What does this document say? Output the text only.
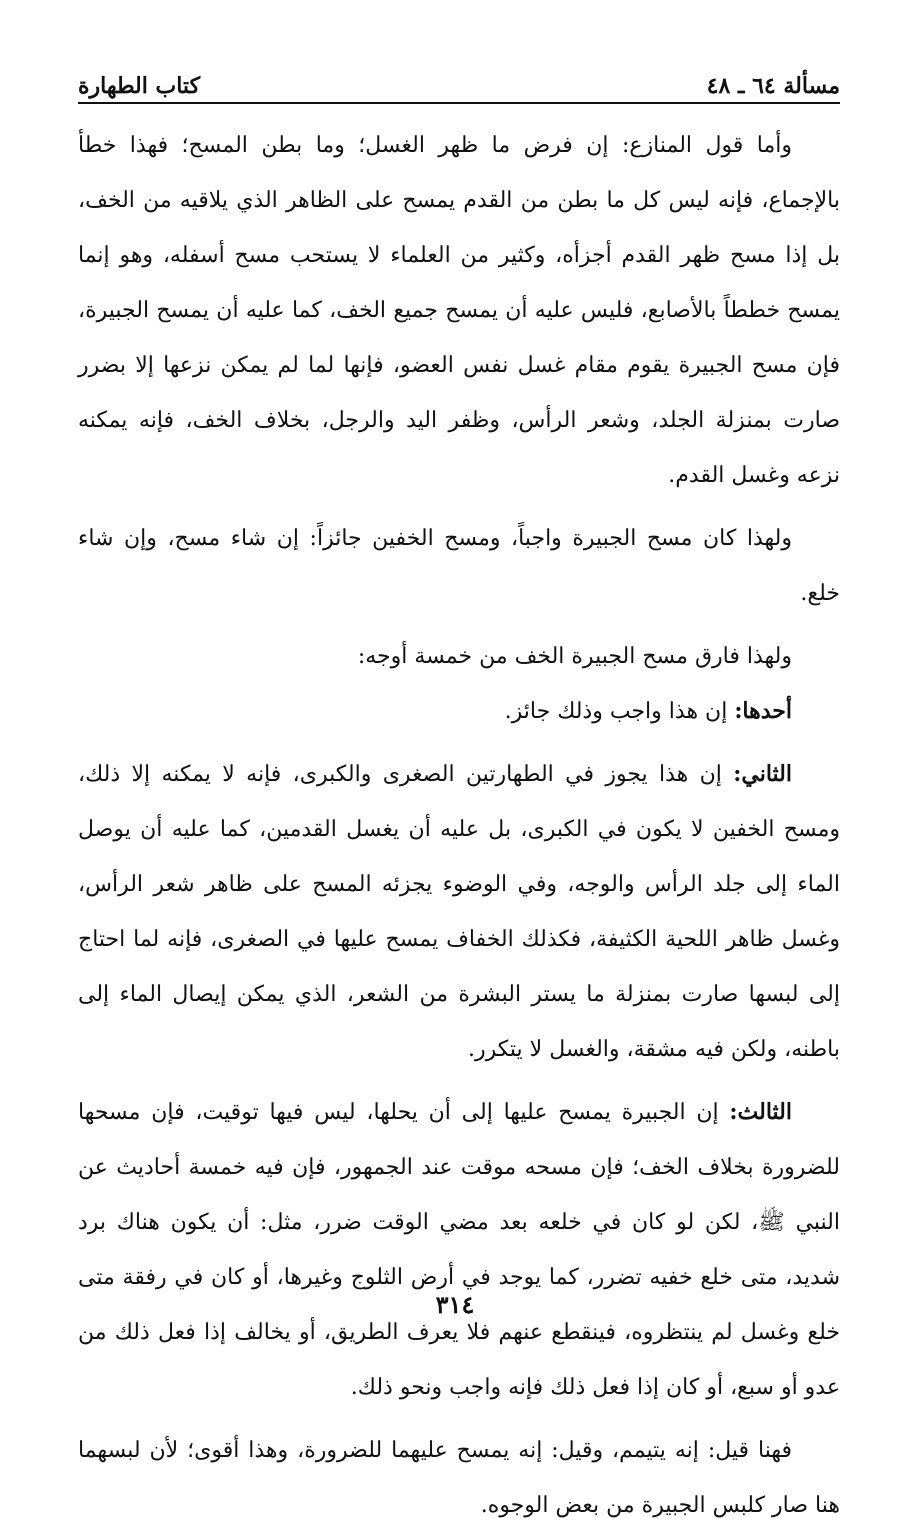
مسألة ٦٤ ـ ٤٨
كتاب الطهارة

وأما قول المنازع: إن فرض ما ظهر الغسل؛ وما بطن المسح؛ فهذا خطأ بالإجماع، فإنه ليس كل ما بطن من القدم يمسح على الظاهر الذي يلاقيه من الخف، بل إذا مسح ظهر القدم أجزأه، وكثير من العلماء لا يستحب مسح أسفله، وهو إنما يمسح خططاً بالأصابع، فليس عليه أن يمسح جميع الخف، كما عليه أن يمسح الجبيرة، فإن مسح الجبيرة يقوم مقام غسل نفس العضو، فإنها لما لم يمكن نزعها إلا بضرر صارت بمنزلة الجلد، وشعر الرأس، وظفر اليد والرجل، بخلاف الخف، فإنه يمكنه نزعه وغسل القدم.

ولهذا كان مسح الجبيرة واجباً، ومسح الخفين جائزاً: إن شاء مسح، وإن شاء خلع.

ولهذا فارق مسح الجبيرة الخف من خمسة أوجه:

أحدها: إن هذا واجب وذلك جائز.

الثاني: إن هذا يجوز في الطهارتين الصغرى والكبرى، فإنه لا يمكنه إلا ذلك، ومسح الخفين لا يكون في الكبرى، بل عليه أن يغسل القدمين، كما عليه أن يوصل الماء إلى جلد الرأس والوجه، وفي الوضوء يجزئه المسح على ظاهر شعر الرأس، وغسل ظاهر اللحية الكثيفة، فكذلك الخفاف يمسح عليها في الصغرى، فإنه لما احتاج إلى لبسها صارت بمنزلة ما يستر البشرة من الشعر، الذي يمكن إيصال الماء إلى باطنه، ولكن فيه مشقة، والغسل لا يتكرر.

الثالث: إن الجبيرة يمسح عليها إلى أن يحلها، ليس فيها توقيت، فإن مسحها للضرورة بخلاف الخف؛ فإن مسحه موقت عند الجمهور، فإن فيه خمسة أحاديث عن النبي ﷺ، لكن لو كان في خلعه بعد مضي الوقت ضرر، مثل: أن يكون هناك برد شديد، متى خلع خفيه تضرر، كما يوجد في أرض الثلوج وغيرها، أو كان في رفقة متى خلع وغسل لم ينتظروه، فينقطع عنهم فلا يعرف الطريق، أو يخالف إذا فعل ذلك من عدو أو سبع، أو كان إذا فعل ذلك فإنه واجب ونحو ذلك.

فهنا قيل: إنه يتيمم، وقيل: إنه يمسح عليهما للضرورة، وهذا أقوى؛ لأن لبسهما هنا صار كلبس الجبيرة من بعض الوجوه.

٣١٤
